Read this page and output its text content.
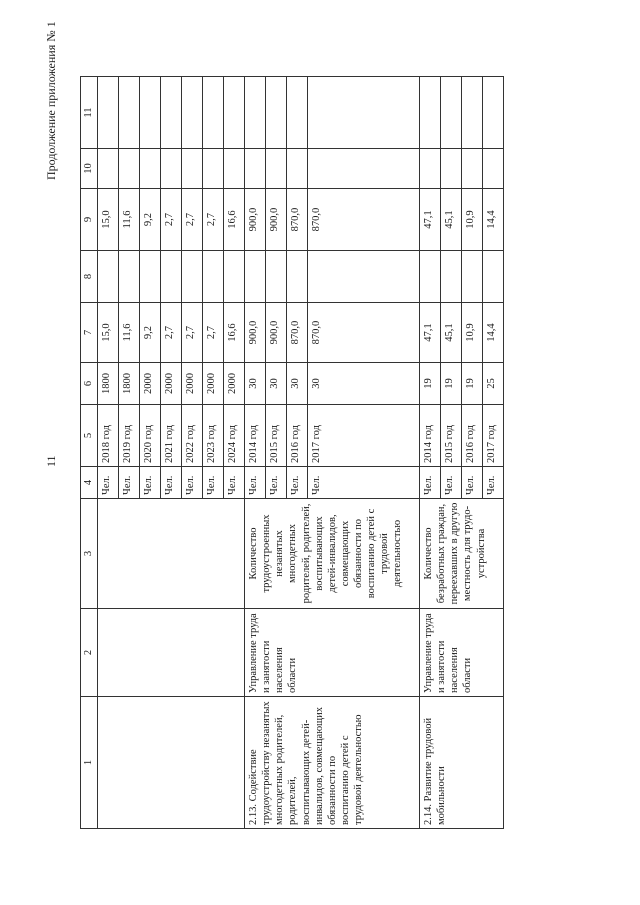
11
Продолжение приложения № 1
1	2	3	4	5	6	7	8	9	10	11
			Чел.	2018 год	1800	15,0		15,0		
			Чел.	2019 год	1800	11,6		11,6		
			Чел.	2020 год	2000	9,2		9,2		
			Чел.	2021 год	2000	2,7		2,7		
			Чел.	2022 год	2000	2,7		2,7		
			Чел.	2023 год	2000	2,7		2,7		
			Чел.	2024 год	2000	16,6		16,6		
2.13. Содействие трудоустройству незанятых многодетных родителей, родителей, воспитывающих детей-инвалидов, совмещающих обязанности по воспитанию детей с трудовой деятельностью	Управление труда и занятости населения области	Количество трудоустроенных незанятых многодетных родителей, родителей, воспитывающих детей-инвалидов, совмещающих обязанности по воспитанию детей с трудовой деятельностью	Чел.	2014 год	30	900,0		900,0		
			Чел.	2015 год	30	900,0		900,0		
			Чел.	2016 год	30	870,0		870,0		
			Чел.	2017 год	30	870,0		870,0		
2.14. Развитие трудовой мобильности	Управление труда и занятости населения области	Количество безработных граждан, переехавших в другую местность для трудо-устройства	Чел.	2014 год	19	47,1		47,1		
			Чел.	2015 год	19	45,1		45,1		
			Чел.	2016 год	19	10,9		10,9		
			Чел.	2017 год	25	14,4		14,4		
